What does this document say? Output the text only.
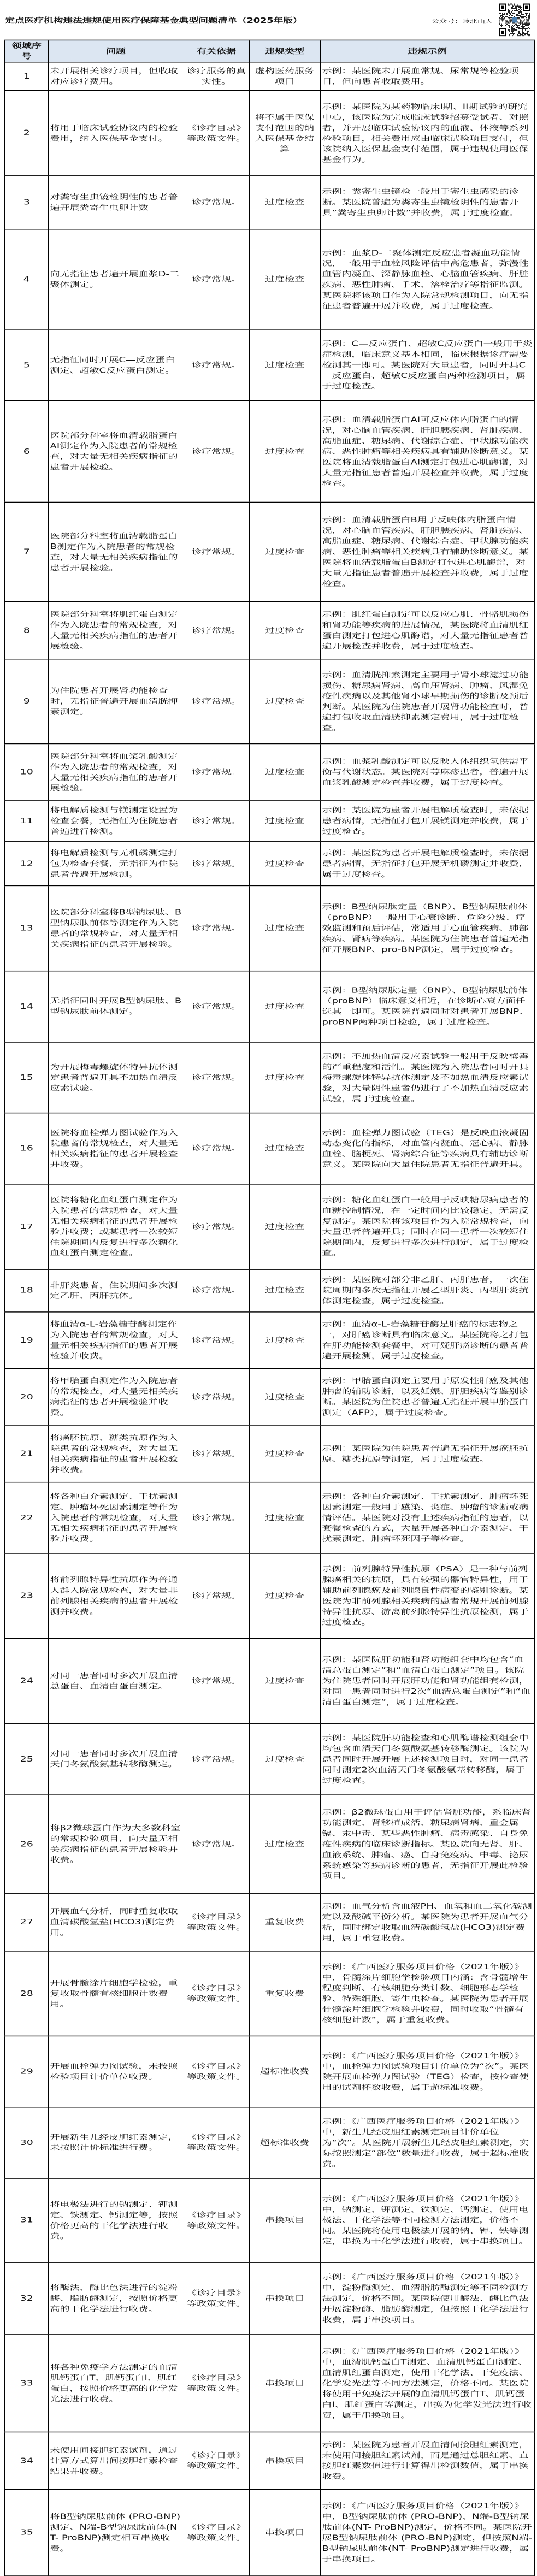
定点医疗机构违法违规使用医疗保障基金典型问题清单（2025年版）	公众号：岭北山人
领域序号	问题	有关依据	违规类型	违规示例
1	未开展相关诊疗项目，但收取对应诊疗费用。	诊疗服务的真实性。	虚构医药服务项目	示例：某医院未开展血常规、尿常规等检验项目，但向患者收取费用。
2	将用于临床试验协议内的检验费用，纳入医保基金支付。	《诊疗目录》等政策文件。	将不属于医保支付范围的纳入医保基金结算	示例：某医院为某药物临床I期、II期试验的研究中心，该医院为完成临床试验招募受试者、对照者，并开展临床试验协议内的血液、体液等系列检验项目，相关费用应由临床试验项目支付，但该院纳入医保基金支付范围，属于违规使用医保基金行为。
3	对粪寄生虫镜检阴性的患者普遍开展粪寄生虫卵计数	诊疗常规。	过度检查	示例：粪寄生虫镜检一般用于寄生虫感染的诊断。某医院普遍为粪寄生虫镜检阴性的患者开具”粪寄生虫卵计数”并收费，属于过度检查。
4	向无指征患者遍开展血浆D-二聚体测定。	诊疗常规。	过度检查	示例：血浆D-二聚体测定反应患者凝血功能情况，一般用于血栓风险评估中高危患者，弥漫性血管内凝血、深静脉血栓、心脑血管疾病、肝脏疾病、恶性肿瘤、手术、溶栓治疗等指征监测。某医院将该项目作为入院常规检测项目，向无指征患者普遍开展并收费，属于过度检查。
5	无指征同时开展C—反应蛋白测定、超敏C反应蛋白测定。	诊疗常规。	过度检查	示例：C—反应蛋白、超敏C反应蛋白一般用于炎症检测，临床意义基本相同，临床根据诊疗需要检测其一即可。某医院对大量患者，同时开具C—反应蛋白、超敏C反应蛋白两种检测项目，属于过度检查。
6	医院部分科室将血清载脂蛋白AI测定作为入院患者的常规检查，对大量无相关疾病指征的患者开展检验。	诊疗常规。	过度检查	示例：血清载脂蛋白AI可反应体内脂蛋白的情况，对心脑血管疾病、肝胆胰疾病、肾脏疾病、高脂血症、糖尿病、代谢综合症、甲状腺功能疾病、恶性肿瘤等相关疾病具有辅助诊断意义。某医院将血清载脂蛋白AI测定打包进心肌酶谱，对大量无指征患者普遍开展检查并收费，属于过度检查。
7	医院部分科室将血清载脂蛋白B测定作为入院患者的常规检查，对大量无相关疾病指征的患者开展检验。	诊疗常规。	过度检查	示例：血清载脂蛋白B用于反映体内脂蛋白情况，对心脑血管疾病、肝胆胰疾病、肾脏疾病、高脂血症、糖尿病、代谢综合症、甲状腺功能疾病、恶性肿瘤等相关疾病具有辅助诊断意义。某医院将血清载脂蛋白B测定打包进心肌酶谱，对大量无指征患者普遍开展检查并收费，属于过度检查。
8	医院部分科室将肌红蛋白测定作为入院患者的常规检查，对大量无相关疾病指征的患者开展检验。	诊疗常规。	过度检查	示例：肌红蛋白测定可以反应心肌、骨骼肌损伤和肾功能等疾病的进展情况，某医院将血清肌红蛋白测定打包进心肌酶谱，对大量无指征患者普遍开展检查并收费，属于过度检查。
9	为住院患者开展肾功能检查时，无指征普遍开展血清胱抑素测定。	诊疗常规。	过度检查	示例：血清胱抑素测定主要用于肾小球滤过功能损伤、糖尿病肾病、高血压肾病、肿瘤、风湿免疫性疾病以及其他肾小球早期损伤的诊断及预后判断。某医院为住院患者开展肾功能检查时，普遍打包收取血清胱抑素测定费用，属于过度检查。
10	医院部分科室将血浆乳酸测定作为入院患者的常规检查，对大量无相关疾病指征的患者开展检验。	诊疗常规。	过度检查	示例：血浆乳酸测定可以反映人体组织氧供需平衡与代谢状态。某医院对荨麻疹患者，普遍开展血浆乳酸测定检查并收费，属于过度检查。
11	将电解质检测与镁测定设置为检查套餐，无指征为住院患者普遍进行检测。	诊疗常规。	过度检查	示例：某医院为患者开展电解质检查时，未依据患者病情，无指征打包开展镁测定并收费，属于过度检查。
12	将电解质检测与无机磷测定打包为检查套餐，无指征为住院患者普遍开展检测。	诊疗常规。	过度检查	示例：某医院为患者开展电解质检查时，未依据患者病情，无指征打包开展无机磷测定并收费，属于过度检查。
13	医院部分科室将B型钠尿肽、B型钠尿肽前体等测定作为入院患者的常规检查，对大量无相关疾病指征的患者开展检验。	诊疗常规。	过度检查	示例：B型纳尿肽定量（BNP）、B型钠尿肽前体（proBNP）一般用于心衰诊断、危险分级、疗效监测和预后评估，常适用于心血管疾病、肺部疾病、肾病等疾病。某医院为住院患者普遍无指征开展BNP、pro-BNP测定，属于过度检查。
14	无指征同时开展B型钠尿肽、B型钠尿肽前体测定。	诊疗常规。	过度检查	示例：B型纳尿肽定量（BNP）、B型钠尿肽前体（proBNP）临床意义相近，在诊断心衰方面任选其一即可。某医院普遍同时对患者开展BNP、proBNP两种项目检验，属于过度检查。
15	为开展梅毒螺旋体特异抗体测定患者普遍开具不加热血清反应素试验。	诊疗常规。	过度检查	示例：不加热血清反应素试验一般用于反映梅毒的严重程度和活性。某医院为入院患者同时开具梅毒螺旋体特异抗体测定及不加热血清反应素试验，对大量阴性患者仍进行了不加热血清反应素试验，属于过度检查。
16	医院将血栓弹力图试验作为入院患者的常规检查，对大量无相关疾病指征的患者开展检查并收费。	诊疗常规。	过度检查	示例：血栓弹力图试验（TEG）是反映血液凝固动态变化的指标，对血管内凝血、冠心病、静脉血栓、脑梗死、肾病综合征等疾病具有辅助诊断意义。某医院向大量住院患者无指征普遍开具。
17	医院将糖化血红蛋白测定作为入院患者的常规检查，对大量无相关疾病指征的患者开展检验并收费；或某患者一次较短住院期间内反复进行多次糖化血红蛋白测定检查。	诊疗常规。	过度检查	示例：糖化血红蛋白一般用于反映糖尿病患者的血糖控制情况，在一定时间内比较稳定，无需反复测定。某医院将该项目作为入院常规检查，向大量患者普遍开具；同时在同一患者一次较短住院期间内，反复进行多次进行测定，属于过度检查。
18	非肝炎患者，住院期间多次测定乙肝、丙肝抗体。	诊疗常规。	过度检查	示例：某医院对部分非乙肝、丙肝患者，一次住院周期内多次无指征开展乙型肝炎、丙型肝炎抗体测定检查，属于过度检查。
19	将血清α-L-岩藻糖苷酶测定作为入院患者的常规检查，对大量无相关疾病指征的患者开展检验并收费。	诊疗常规。	过度检查	示例：血清α-L-岩藻糖苷酶是肝癌的标志物之一，对肝癌诊断具有临床意义。某医院将之打包在肝功能检测套餐中，对可疑肝癌诊断的患者普遍开展检测，属于过度检查。
20	将甲胎蛋白测定作为入院患者的常规检查，对大量无相关疾病指征的患者开展检验并收费。	诊疗常规。	过度检查	示例：甲胎蛋白测定主要用于原发性肝癌及其他肿瘤的辅助诊断，以及妊娠、肝胆疾病等鉴别诊断。某医院为住院患者普遍无指征开展甲胎蛋白测定（AFP），属于过度检查。
21	将癌胚抗原、糖类抗原作为入院患者的常规检查，对大量无相关疾病指征的患者开展检验并收费。	诊疗常规。	过度检查	示例：某医院为住院患者普遍无指征开展癌胚抗原、糖类抗原等测定，属于过度检查。
22	将各种白介素测定、干扰素测定、肿瘤坏死因素测定等作为入院患者的常规检查，对大量无相关疾病指征的患者开展检验并收费。	诊疗常规。	过度检查	示例：各种白介素测定、干扰素测定、肿瘤坏死因素测定一般用于感染、炎症、肿瘤的诊断或病情评估。某医院对没有上述疾病指征的患者，以套餐检查的方式，大量开展各种白介素测定、干扰素测定、肿瘤坏死因子等检查。
23	将前列腺特异性抗原作为普通人群入院常规检查，对大量非前列腺相关疾病的患者开展检测并收费。	诊疗常规。	过度检查	示例：前列腺特异性抗原（PSA）是一种与前列腺癌相关的抗原，具有较强的器官特异性，用于辅助前列腺癌及前列腺良性病变的鉴别诊断。某医院为非前列腺相关疾病的患者常规开展前列腺特异性抗原、游离前列腺特异性抗原检测，属于过度检查。
24	对同一患者同时多次开展血清总蛋白、血清白蛋白测定。	诊疗常规。	过度检查	示例：某医院肝功能和肾功能组套中均包含“血清总蛋白测定”和“血清白蛋白测定”项目。该院为住院患者同时开展肝功能和肾功能组套检测，对同一患者同时进行2次“血清总蛋白测定”和“血清白蛋白测定”，属于过度检查。
25	对同一患者同时多次开展血清天门冬氨酸氨基转移酶测定。	诊疗常规。	过度检查	示例：某医院肝功能检查和心肌酶谱检测组套中均包含血清天门冬氨酸氨基转移酶测定。该院为患者同时开展开展上述检测项目时，对同一患者同时测定2次血清天门冬氨酸氨基转移酶，属于过度检查。
26	将β2微球蛋白作为大多数科室的常规检验项目，向大量无相关疾病指征的患者开展检验并收费。	诊疗常规。	过度检查	示例：β2微球蛋白用于评估肾脏功能，系临床肾功能测定、肾移植成活、糖尿病肾病、重金属镉、汞中毒、某些恶性肿瘤、病毒感染、自身免疫性疾病的临床诊断指标。某医院向无肾、肝、血液系统、肿瘤、癌、自身免疫病、中毒、泌尿系统感染等疾病诊断的患者，无指征开展此检验项目。
27	开展血气分析，同时重复收取血清碳酸氢盐(HCO3)测定费用。	《诊疗目录》等政策文件。	重复收费	示例：血气分析含血液PH、血氧和血二氧化碳测定以及酸碱平衡分析。某医院为患者开展血气分析，同时绑定收取血清碳酸氢盐(HCO3)测定费用，属于重复收费。
28	开展骨髓涂片细胞学检验，重复收取骨髓有核细胞计数费用。	《诊疗目录》等政策文件。	重复收费	示例：《广西医疗服务项目价格（2021年版）》中，骨髓涂片细胞学检验项目内涵：含骨髓增生程度判断、有核细胞分类计数、细胞形态学检验、特殊细胞、寄生虫检查。某医院为患者开展骨髓涂片细胞学检验并收费，同时收取“骨髓有核细胞计数”，属于重复收费。
29	开展血栓弹力图试验，未按照检验项目计价单位收费。	《诊疗目录》等政策文件。	超标准收费	示例：《广西医疗服务项目价格（2021年版）》中，血栓弹力图试验项目计价单位为“次”。某医院开展血栓弹力图试验（TEG）检查，按检查使用的试剂杯数收费，属于超标准收费。
30	开展新生儿经皮胆红素测定，未按照计价标准进行费。	《诊疗目录》等政策文件。	超标准收费	示例：《广西医疗服务项目价格（2021年版）》中，新生儿经皮胆红素测定项目计价单位为“次”。某医院开展新生儿经皮胆红素测定，实际按照测定“部位”数量进行收费，属于超标准收费。
31	将电极法进行的钠测定、钾测定、铁测定、钙测定等，按照价格更高的干化学法进行收费。	《诊疗目录》等政策文件。	串换项目	示例：《广西医疗服务项目价格（2021年版）》中，钠测定、钾测定、铁测定、钙测定，使用电极法、干化学法等不同检测方法测定，价格不同。某医院将使用电极法开展的钠、钾、铁等测定，串换为干化学法进行收费，属于串换项目。
32	将酶法、酶比色法进行的淀粉酶、脂肪酶测定，按照价格更高的干化学法进行收费。	《诊疗目录》等政策文件。	串换项目	示例：《广西医疗服务项目价格（2021年版）》中，淀粉酶测定、血清脂肪酶测定等不同检测方法测定，价格不同。某医院使用酶法、酶比色法开展淀粉酶、脂肪酶测定，但按照干化学法进行收费，属于串换项目。
33	将各种免疫学方法测定的血清肌钙蛋白T、肌钙蛋白Ⅰ、肌红蛋白，按照价格更高的化学发光法进行收费。	《诊疗目录》等政策文件。	串换项目	示例：《广西医疗服务项目价格（2021年版）》中，血清肌钙蛋白T测定、血清肌钙蛋白Ⅰ测定、血清肌红蛋白测定，使用干化学法、干免疫法、化学发光法等不同方法测定，价格不同。某医院将使用干免疫法开展的血清肌钙蛋白T、肌钙蛋白Ⅰ、肌红蛋白等测定，串换为化学发光法进行收费，属于串换项目。
34	未使用间接胆红素试剂，通过计算方式算出间接胆红素检查结果并收费。	《诊疗目录》等政策文件。	串换项目	示例：某医院为患者开展血清间接胆红素测定，未使用间接胆红素试剂，而是通过总胆红素、直接胆红素数值进行计算得出检测数值，属于串换收费。
35	将B型钠尿肽前体 (PRO-BNP)测定、N端-B型钠尿肽前体(NT- ProBNP)测定相互串换收费。	《诊疗目录》等政策文件。	串换项目	示例：《广西医疗服务项目价格（2021年版）》中，B型钠尿肽前体 (PRO-BNP)、N端-B型钠尿肽前体(NT- ProBNP)测定，价格不同。某医院开展B型钠尿肽前体 (PRO-BNP)测定，但按照N端-B型钠尿肽前体(NT- ProBNP)测定进行收费，属于串换项目。
